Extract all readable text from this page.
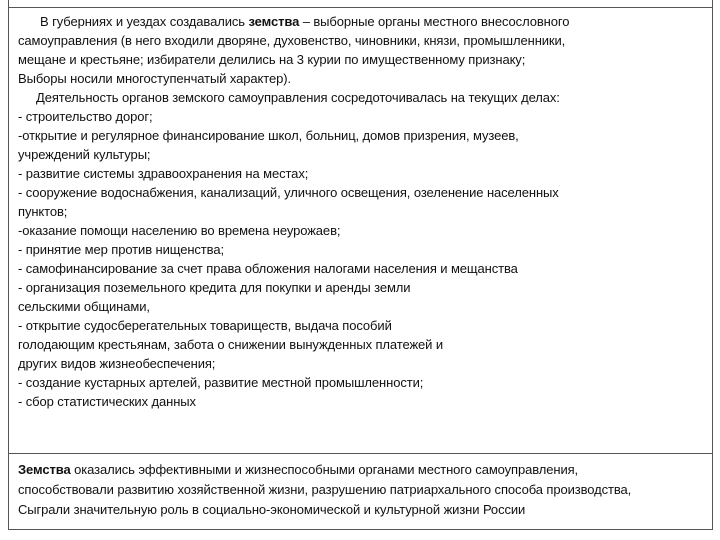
В губерниях и уездах создавались земства – выборные органы местного внесословного
самоуправления (в него входили дворяне, духовенство, чиновники, князи, промышленники,
мещане и крестьяне; избиратели делились на 3 курии по имущественному признаку;
Выборы носили многоступенчатый характер).
Деятельность органов земского самоуправления сосредоточивалась на текущих делах:
- строительство дорог;
-открытие и регулярное финансирование школ, больниц, домов призрения, музеев,
учреждений культуры;
- развитие системы здравоохранения на местах;
- сооружение водоснабжения, канализаций, уличного освещения, озеленение населенных
пунктов;
-оказание помощи населению во времена неурожаев;
- принятие мер против нищенства;
- самофинансирование за счет права обложения налогами населения и мещанства
- организация поземельного кредита для покупки и аренды земли
сельскими общинами,
- открытие судосберегательных товариществ, выдача пособий
голодающим крестьянам, забота о снижении вынужденных платежей и
других видов жизнеобеспечения;
- создание кустарных артелей, развитие местной промышленности;
- сбор статистических данных
Земства оказались эффективными и жизнеспособными органами местного самоуправления,
способствовали развитию хозяйственной жизни, разрушению патриархального способа производства,
Сыграли значительную роль в социально-экономической и культурной жизни России
